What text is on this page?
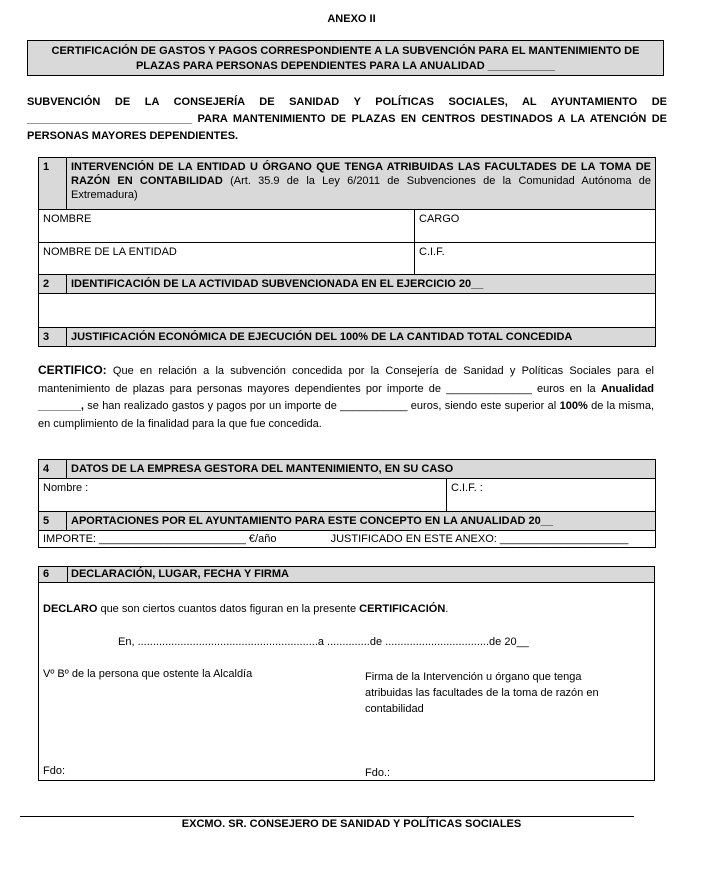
ANEXO II
CERTIFICACIÓN DE GASTOS Y PAGOS CORRESPONDIENTE A LA SUBVENCIÓN PARA EL MANTENIMIENTO DE
PLAZAS PARA PERSONAS DEPENDIENTES PARA LA ANUALIDAD ___________
SUBVENCIÓN DE LA CONSEJERÍA DE SANIDAD Y POLÍTICAS SOCIALES, AL AYUNTAMIENTO DE
___________________________ PARA MANTENIMIENTO DE PLAZAS EN CENTROS DESTINADOS A LA ATENCIÓN DE
PERSONAS MAYORES DEPENDIENTES.
1	INTERVENCIÓN DE LA ENTIDAD U ÓRGANO QUE TENGA ATRIBUIDAS LAS FACULTADES DE LA TOMA DE RAZÓN EN CONTABILIDAD (Art. 35.9 de la Ley 6/2011 de Subvenciones de la Comunidad Autónoma de Extremadura)	
NOMBRE		CARGO
NOMBRE DE LA ENTIDAD		C.I.F.
2	IDENTIFICACIÓN DE LA ACTIVIDAD SUBVENCIONADA EN EL EJERCICIO 20__	

3	JUSTIFICACIÓN ECONÓMICA DE EJECUCIÓN DEL 100% DE LA CANTIDAD TOTAL CONCEDIDA	
CERTIFICO: Que en relación a la subvención concedida por la Consejería de Sanidad y Políticas Sociales para el mantenimiento de plazas para personas mayores dependientes por importe de ______________ euros en la Anualidad _______, se han realizado gastos y pagos por un importe de ___________ euros, siendo este superior al 100% de la misma, en cumplimiento de la finalidad para la que fue concedida.
4	DATOS DE LA EMPRESA GESTORA DEL MANTENIMIENTO, EN SU CASO	
Nombre :		C.I.F. :
5	APORTACIONES POR EL AYUNTAMIENTO PARA ESTE CONCEPTO EN LA ANUALIDAD 20__	
IMPORTE: ________________________ €/año JUSTIFICADO EN ESTE ANEXO: _____________________		
6 DECLARACIÓN, LUGAR, FECHA Y FIRMA
DECLARO que son ciertos cuantos datos figuran en la presente CERTIFICACIÓN.
En, ...........................................................a ..............de ..................................de 20__
Vº Bº de la persona que ostente la Alcaldía	Firma de la Intervención u órgano que tenga atribuidas las facultades de la toma de razón en contabilidad
Fdo:	Fdo.:
EXCMO. SR. CONSEJERO DE SANIDAD Y POLÍTICAS SOCIALES
